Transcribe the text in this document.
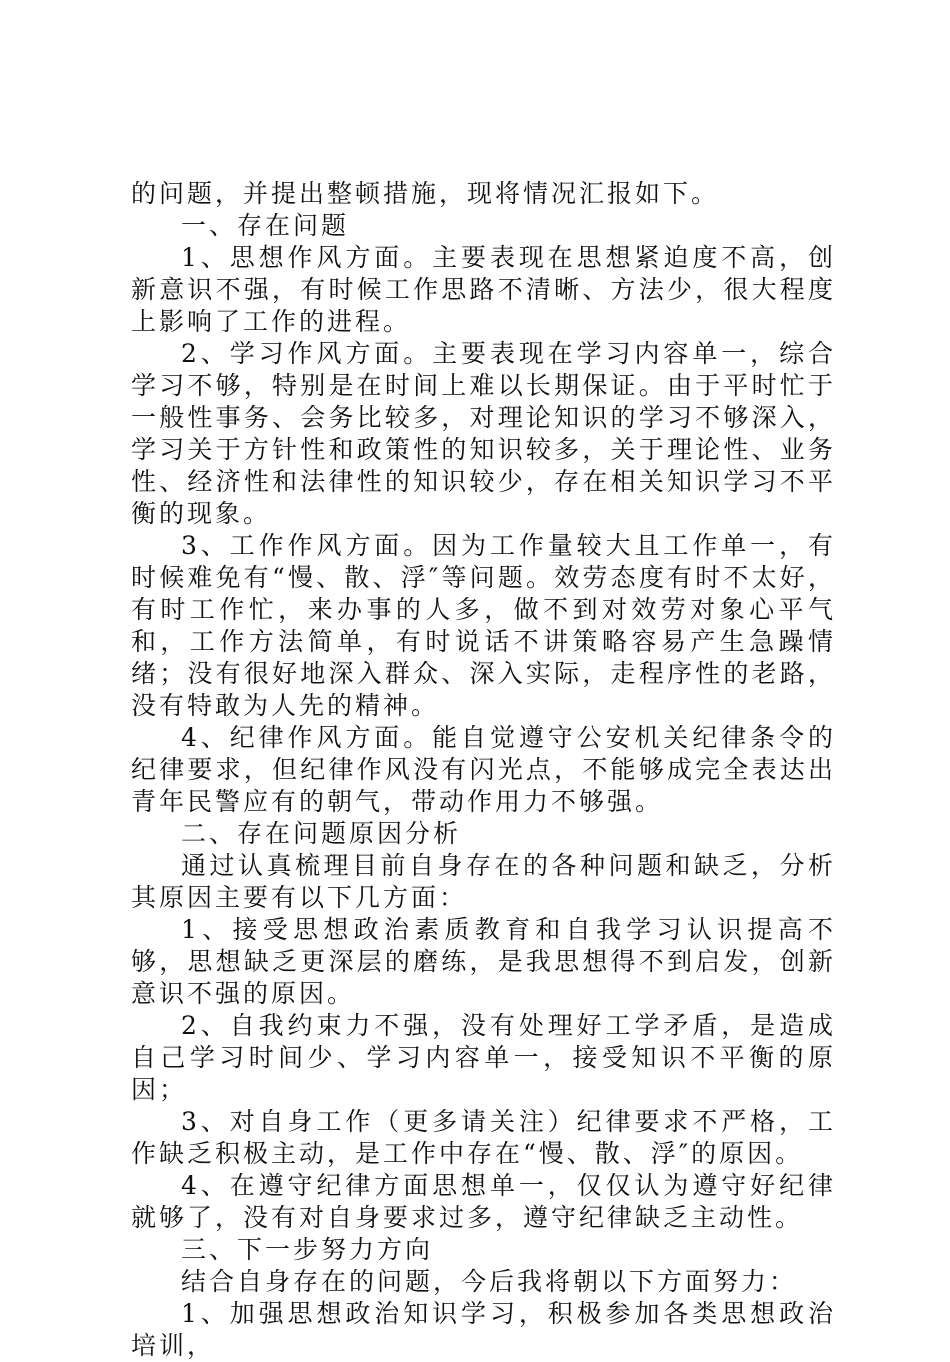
的问题，并提出整顿措施，现将情况汇报如下。

一、存在问题

1、思想作风方面。主要表现在思想紧迫度不高，创新意识不强，有时候工作思路不清晰、方法少，很大程度上影响了工作的进程。

2、学习作风方面。主要表现在学习内容单一，综合学习不够，特别是在时间上难以长期保证。由于平时忙于一般性事务、会务比较多，对理论知识的学习不够深入，学习关于方针性和政策性的知识较多，关于理论性、业务性、经济性和法律性的知识较少，存在相关知识学习不平衡的现象。

3、工作作风方面。因为工作量较大且工作单一，有时候难免有“慢、散、浮″等问题。效劳态度有时不太好，有时工作忙，来办事的人多，做不到对效劳对象心平气和，工作方法简单，有时说话不讲策略容易产生急躁情绪；没有很好地深入群众、深入实际，走程序性的老路，没有特敢为人先的精神。

4、纪律作风方面。能自觉遵守公安机关纪律条令的纪律要求，但纪律作风没有闪光点，不能够成完全表达出青年民警应有的朝气，带动作用力不够强。

二、存在问题原因分析

通过认真梳理目前自身存在的各种问题和缺乏，分析其原因主要有以下几方面：

1、接受思想政治素质教育和自我学习认识提高不够，思想缺乏更深层的磨练，是我思想得不到启发，创新意识不强的原因。

2、自我约束力不强，没有处理好工学矛盾，是造成自己学习时间少、学习内容单一，接受知识不平衡的原因；

3、对自身工作（更多请关注）纪律要求不严格，工作缺乏积极主动，是工作中存在“慢、散、浮″的原因。

4、在遵守纪律方面思想单一，仅仅认为遵守好纪律就够了，没有对自身要求过多，遵守纪律缺乏主动性。

三、下一步努力方向

结合自身存在的问题，今后我将朝以下方面努力：

1、加强思想政治知识学习，积极参加各类思想政治培训，
